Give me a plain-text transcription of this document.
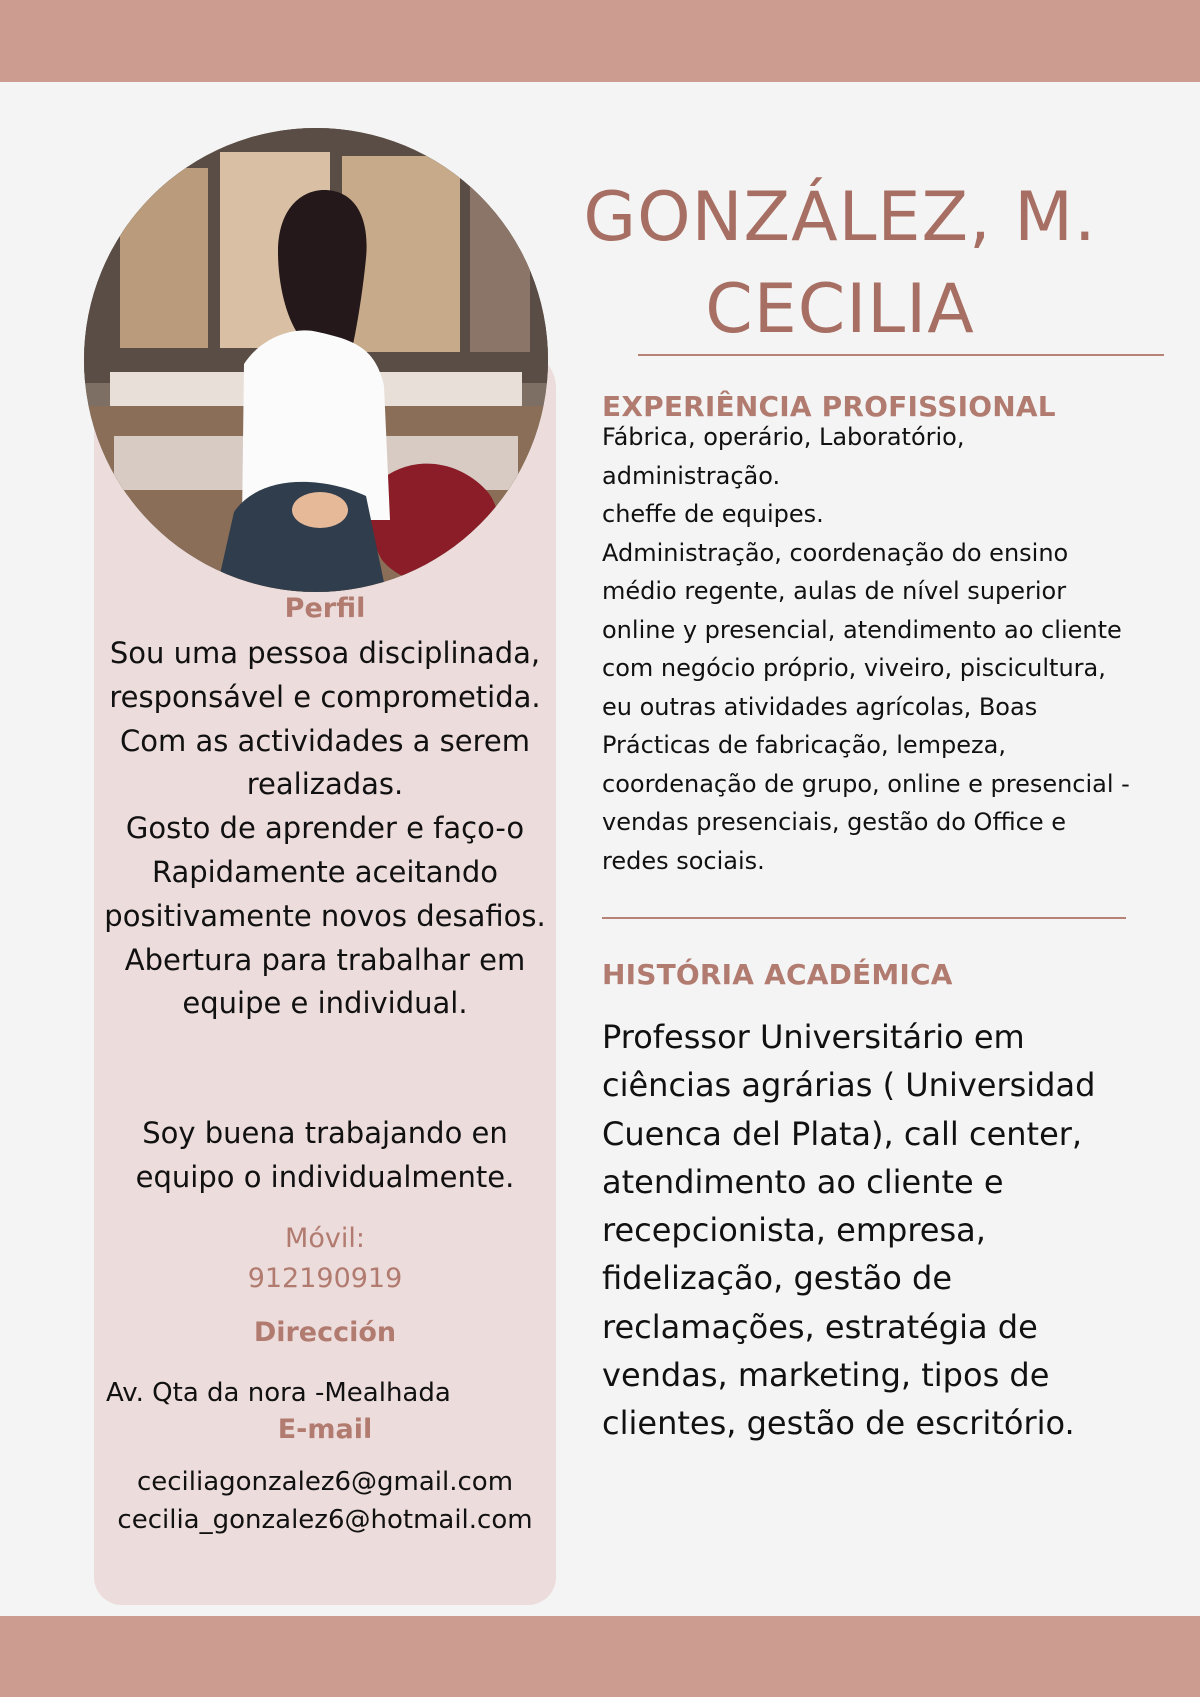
GONZÁLEZ, M. CECILIA
EXPERIÊNCIA PROFISSIONAL

Fábrica, operário, Laboratório, administração.
cheffe de equipes.
Administração, coordenação do ensino médio regente, aulas de nível superior online y presencial, atendimento ao cliente com negócio próprio, viveiro, piscicultura, eu outras atividades agrícolas, Boas Prácticas de fabricação, lempeza, coordenação de grupo, online e presencial - vendas presenciais, gestão do Office e redes sociais.

HISTÓRIA ACADÉMICA

Professor Universitário em ciências agrárias ( Universidad Cuenca del Plata), call center, atendimento ao cliente e recepcionista, empresa, fidelização, gestão de reclamações, estratégia de vendas, marketing, tipos de clientes, gestão de escritório.

Perfil

Sou uma pessoa disciplinada, responsável e comprometida. Com as actividades a serem realizadas.
Gosto de aprender e faço-o Rapidamente aceitando positivamente novos desafios.
Abertura para trabalhar em equipe e individual.

Soy buena trabajando en equipo o individualmente.

Móvil:

912190919

Dirección

Av. Qta da nora -Mealhada

E-mail

ceciliagonzalez6@gmail.com
cecilia_gonzalez6@hotmail.com
